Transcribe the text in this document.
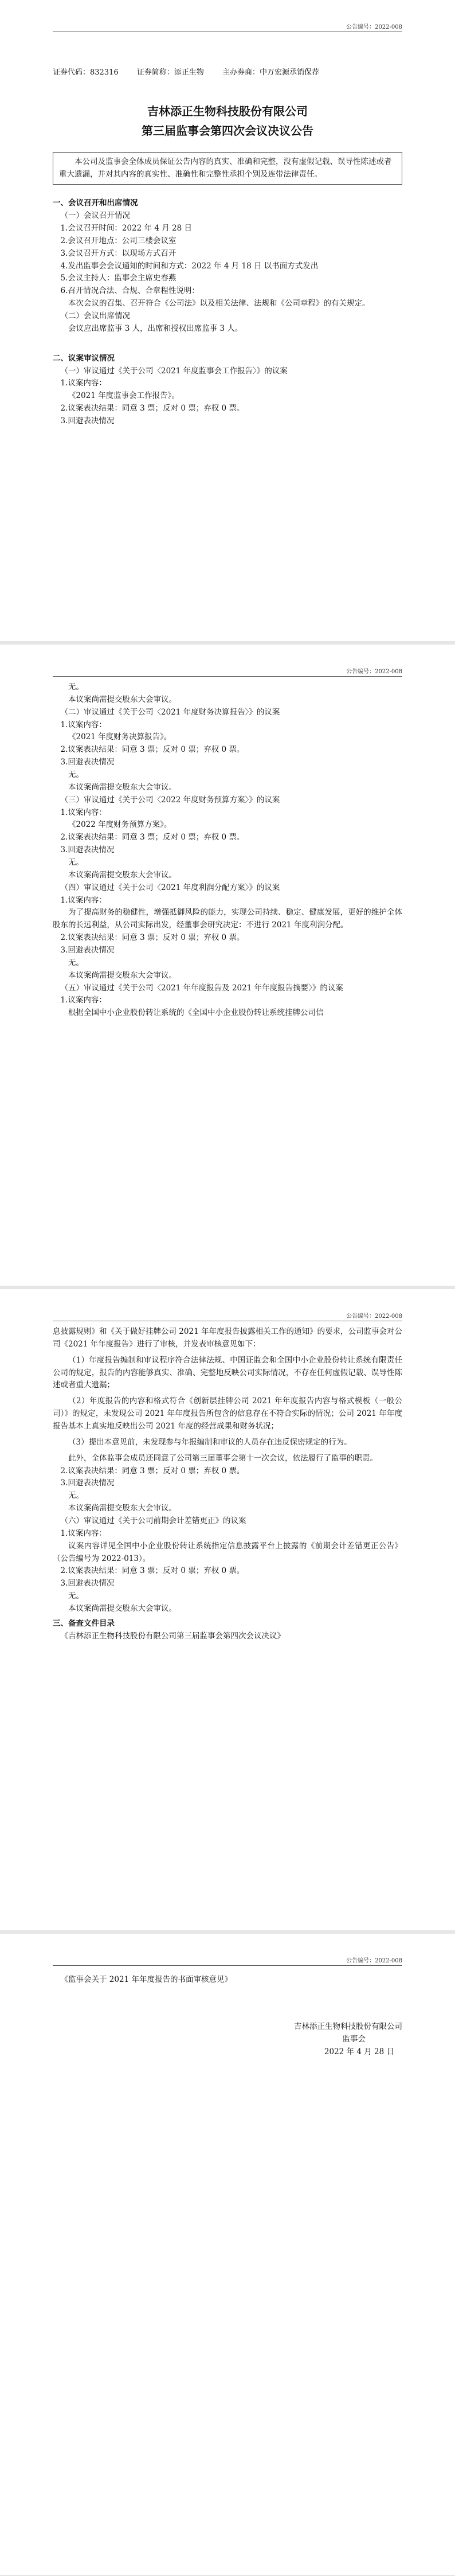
公告编号：2022-008
证券代码：832316 证券简称：添正生物 主办券商：中万宏源承销保荐
吉林添正生物科技股份有限公司
第三届监事会第四次会议决议公告
本公司及监事会全体成员保证公告内容的真实、准确和完整，没有虚假记载、误导性陈述或者重大遗漏，并对其内容的真实性、准确性和完整性承担个别及连带法律责任。
一、会议召开和出席情况
（一）会议召开情况
1.会议召开时间：2022 年 4 月 28 日
2.会议召开地点：公司三楼会议室
3.会议召开方式：以现场方式召开
4.发出监事会会议通知的时间和方式：2022 年 4 月 18 日 以书面方式发出
5.会议主持人：监事会主席史春燕
6.召开情况合法、合规、合章程性说明：
本次会议的召集、召开符合《公司法》以及相关法律、法规和《公司章程》的有关规定。
（二）会议出席情况
会议应出席监事 3 人，出席和授权出席监事 3 人。
二、议案审议情况
（一）审议通过《关于公司〈2021 年度监事会工作报告〉》的议案
1.议案内容：
《2021 年度监事会工作报告》。
2.议案表决结果：同意 3 票；反对 0 票；弃权 0 票。
3.回避表决情况
公告编号：2022-008
无。
本议案尚需提交股东大会审议。
（二）审议通过《关于公司〈2021 年度财务决算报告〉》的议案
1.议案内容：
《2021 年度财务决算报告》。
2.议案表决结果：同意 3 票；反对 0 票；弃权 0 票。
3.回避表决情况
无。
本议案尚需提交股东大会审议。
（三）审议通过《关于公司〈2022 年度财务预算方案〉》的议案
1.议案内容：
《2022 年度财务预算方案》。
2.议案表决结果：同意 3 票；反对 0 票；弃权 0 票。
3.回避表决情况
无。
本议案尚需提交股东大会审议。
（四）审议通过《关于公司〈2021 年度利润分配方案〉》的议案
1.议案内容：
为了提高财务的稳健性，增强抵御风险的能力，实现公司持续、稳定、健康发展，更好的维护全体股东的长远利益，从公司实际出发，经董事会研究决定：不进行 2021 年度利润分配。
2.议案表决结果：同意 3 票；反对 0 票；弃权 0 票。
3.回避表决情况
无。
本议案尚需提交股东大会审议。
（五）审议通过《关于公司〈2021 年年度报告及 2021 年年度报告摘要〉》的议案
1.议案内容：
根据全国中小企业股份转让系统的《全国中小企业股份转让系统挂牌公司信
公告编号：2022-008
息披露规则》和《关于做好挂牌公司 2021 年年度报告披露相关工作的通知》的要求，公司监事会对公司《2021 年年度报告》进行了审核，并发表审核意见如下：
（1）年度报告编制和审议程序符合法律法规、中国证监会和全国中小企业股份转让系统有限责任公司的规定，报告的内容能够真实、准确、完整地反映公司实际情况，不存在任何虚假记载、误导性陈述或者重大遗漏；
（2）年度报告的内容和格式符合《创新层挂牌公司 2021 年年度报告内容与格式模板（一般公司）》的规定，未发现公司 2021 年年度报告所包含的信息存在不符合实际的情况；公司 2021 年年度报告基本上真实地反映出公司 2021 年度的经营成果和财务状况；
（3）提出本意见前，未发现参与年报编制和审议的人员存在违反保密规定的行为。
此外，全体监事会成员还同意了公司第三届董事会第十一次会议，依法履行了监事的职责。
2.议案表决结果：同意 3 票；反对 0 票；弃权 0 票。
3.回避表决情况
无。
本议案尚需提交股东大会审议。
（六）审议通过《关于公司前期会计差错更正》的议案
1.议案内容：
议案内容详见全国中小企业股份转让系统指定信息披露平台上披露的《前期会计差错更正公告》（公告编号为 2022-013）。
2.议案表决结果：同意 3 票；反对 0 票；弃权 0 票。
3.回避表决情况
无。
本议案尚需提交股东大会审议。
三、备查文件目录
《吉林添正生物科技股份有限公司第三届监事会第四次会议决议》
公告编号：2022-008
《监事会关于 2021 年年度报告的书面审核意见》
吉林添正生物科技股份有限公司
监事会
2022 年 4 月 28 日
